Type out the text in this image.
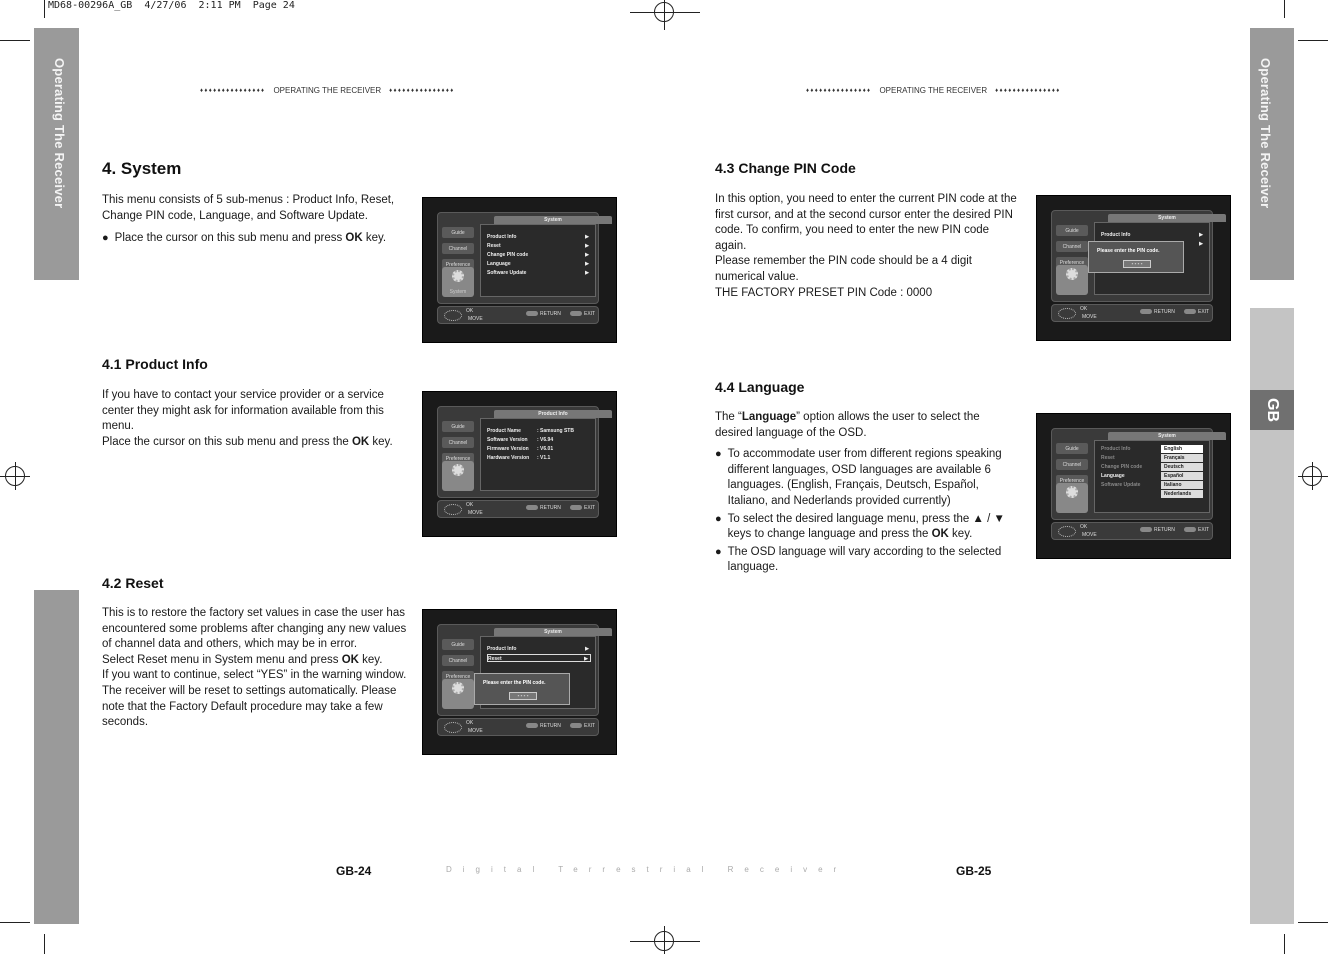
MD68-00296A_GB  4/27/06  2:11 PM  Page 24
Operating The Receiver	Operating The Receiver
GB
♦♦♦♦♦♦♦♦♦♦♦♦♦♦♦ OPERATING THE RECEIVER ♦♦♦♦♦♦♦♦♦♦♦♦♦♦♦	♦♦♦♦♦♦♦♦♦♦♦♦♦♦♦ OPERATING THE RECEIVER ♦♦♦♦♦♦♦♦♦♦♦♦♦♦♦
4. System

This menu consists of 5 sub-menus : Product Info, Reset, Change PIN code, Language, and Software Update.

● Place the cursor on this sub menu and press OK key.	Guide
Channel
Preference
System
System
Product Info	▶
Reset	▶
Change PIN code	▶
Language	▶
Software Update	▶
OK
MOVE
RETURN	EXIT
4.1 Product Info

If you have to contact your service provider or a service center they might ask for information available from this menu.

Place the cursor on this sub menu and press the OK key.

Guide
Channel
Preference
Product Info
Product Name	: Samsung STB
Software Version : V6.94
Firmware Version : V6.01
Hardware Version : V1.1
OK
MOVE
RETURN	EXIT
4.2 Reset

This is to restore the factory set values in case the user has encountered some problems after changing any new values of channel data and others, which may be in error.

Select Reset menu in System menu and press OK key.

If you want to continue, select “YES” in the warning window. The receiver will be reset to settings automatically. Please note that the Factory Default procedure may take a few seconds.

Guide
Channel
Preference
System
Product Info	▶
Reset	▶
Please enter the PIN code.
- - - -
OK
MOVE
RETURN	EXIT
4.3 Change PIN Code

In this option, you need to enter the current PIN code at the first cursor, and at the second cursor enter the desired PIN code. To confirm, you need to enter the new PIN code again.

Please remember the PIN code should be a 4 digit numerical value.

THE FACTORY PRESET PIN Code : 0000

Guide
Channel
Preference
System
Product Info	▶
▶
Please enter the PIN code.
- - - -
OK
MOVE
RETURN	EXIT
4.4 Language

The “Language” option allows the user to select the desired language of the OSD.

● To accommodate user from different regions speaking different languages, OSD languages are available 6 languages. (English, Français, Deutsch, Español, Italiano, and Nederlands provided currently)
● To select the desired language menu, press the ▲ / ▼ keys to change language and press the OK key.
● The OSD language will vary according to the selected language.
Guide
Channel
Preference
System
Product Info
Reset
Change PIN code
Language
Software Update
English
Français
Deutsch
Español
Italiano
Nederlands
OK
MOVE
RETURN	EXIT
GB-24	Digital Terrestrial Receiver	GB-25
